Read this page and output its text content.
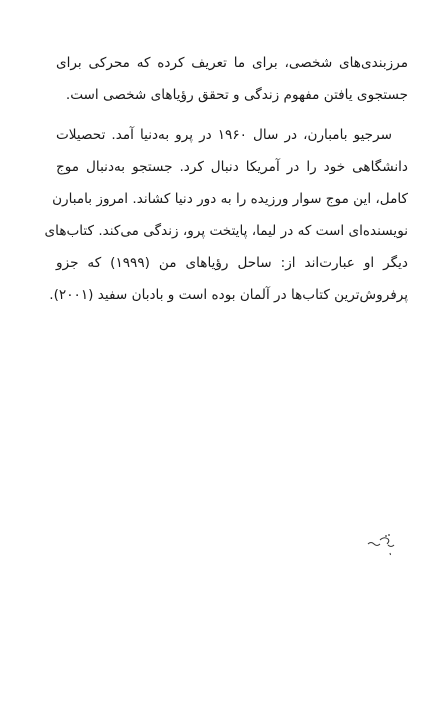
مرزبندی‌های شخصی، برای ما تعریف کرده که محرکی برای
جستجوی یافتن مفهوم زندگی و تحقق رؤیاهای شخصی است.
سرجیو بامبارن، در سال ۱۹۶۰ در پرو به‌دنیا آمد. تحصیلات
دانشگاهی خود را در آمریکا دنبال کرد. جستجو به‌دنبال موج
کامل، این موج سوار ورزیده را به دور دنیا کشاند. امروز بامبارن
نویسنده‌ای است که در لیما، پایتخت پرو، زندگی می‌کند. کتاب‌های
دیگر او عبارت‌اند از: ساحل رؤیاهای من (۱۹۹۹) که جزو
پرفروش‌ترین کتاب‌ها در آلمان بوده است و بادبان سفید (۲۰۰۱).
